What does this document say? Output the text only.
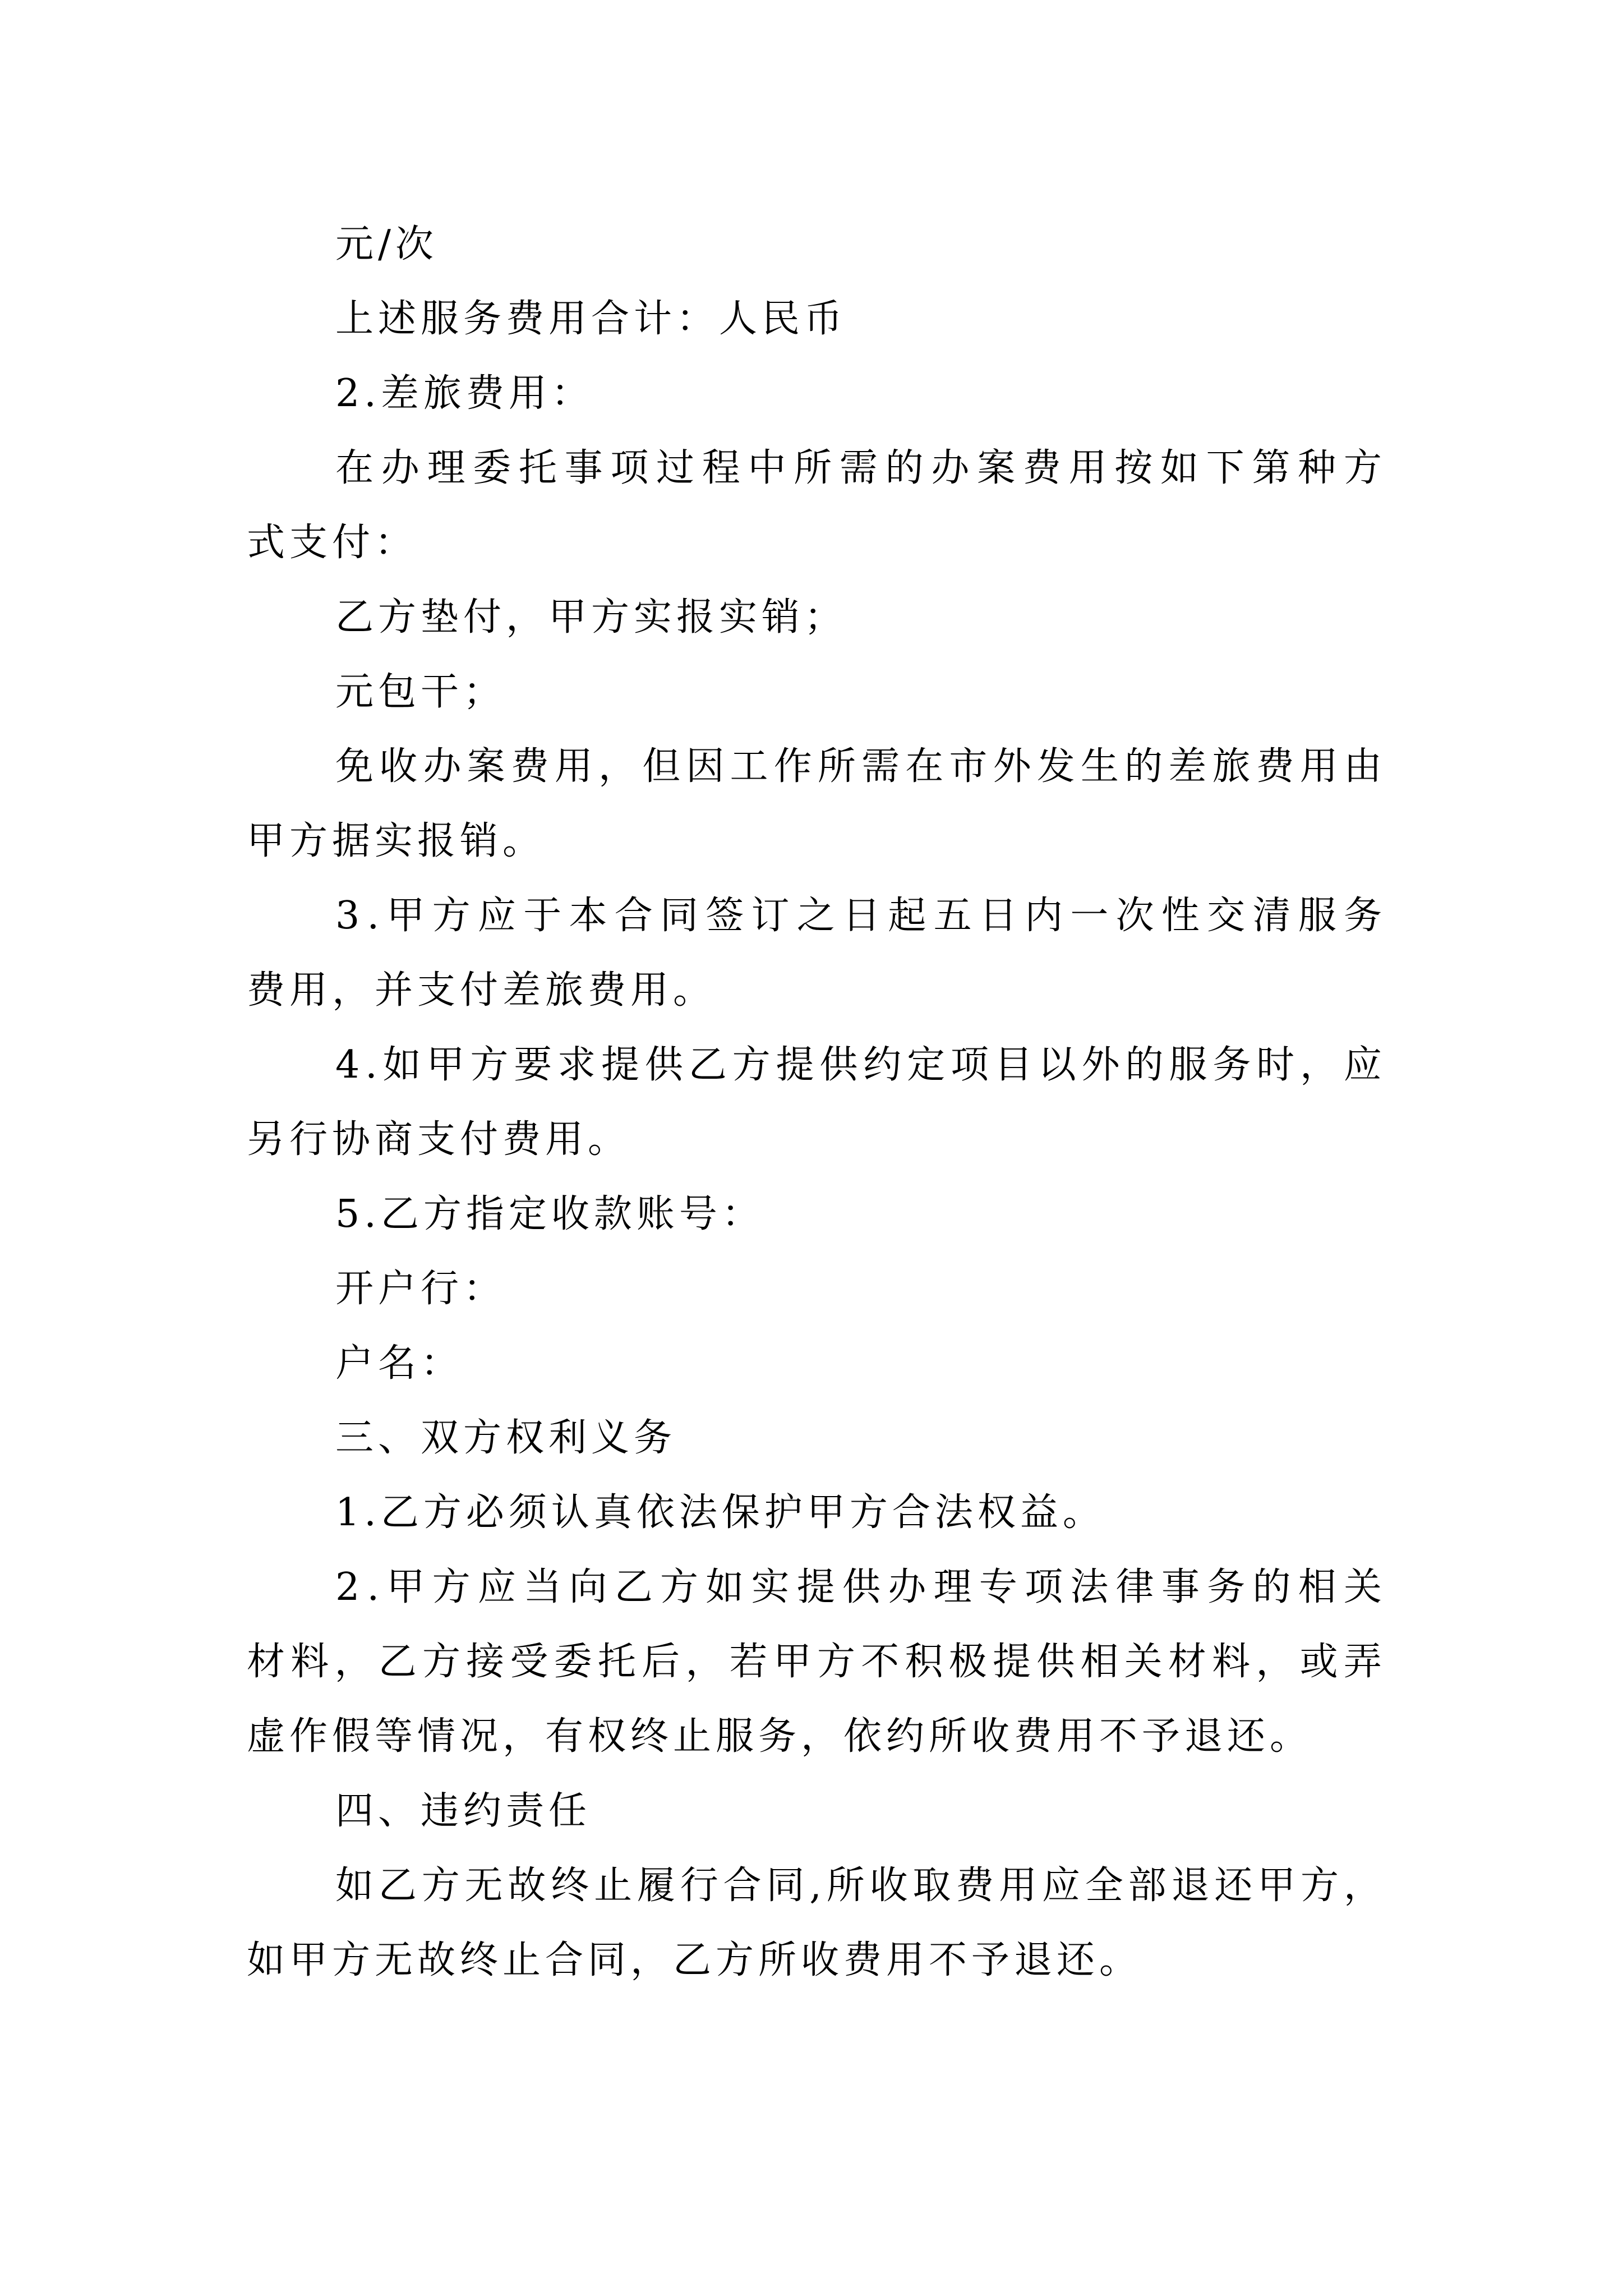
元/次
上述服务费用合计：人民币
2.差旅费用：
在 办 理 委 托 事 项 过 程 中 所 需 的 办 案 费 用 按 如 下 第 种 方
式支付：
乙方垫付，甲方实报实销；
元包干；
免 收 办 案 费 用 ， 但 因 工 作 所 需 在 市 外 发 生 的 差 旅 费 用 由
甲方据实报销。
3 . 甲 方 应 于 本 合 同 签 订 之 日 起 五 日 内 一 次 性 交 清 服 务
费用，并支付差旅费用。
4 . 如 甲 方 要 求 提 供 乙 方 提 供 约 定 项 目 以 外 的 服 务 时 ， 应
另行协商支付费用。
5.乙方指定收款账号：
开户行：
户名：
三、双方权利义务
1.乙方必须认真依法保护甲方合法权益。
2 . 甲 方 应 当 向 乙 方 如 实 提 供 办 理 专 项 法 律 事 务 的 相 关
材 料 ， 乙 方 接 受 委 托 后 ， 若 甲 方 不 积 极 提 供 相 关 材 料 ， 或 弄
虚作假等情况，有权终止服务，依约所收费用不予退还。
四、违约责任
如 乙 方 无 故 终 止 履 行 合 同 , 所 收 取 费 用 应 全 部 退 还 甲 方 ，
如甲方无故终止合同，乙方所收费用不予退还。
